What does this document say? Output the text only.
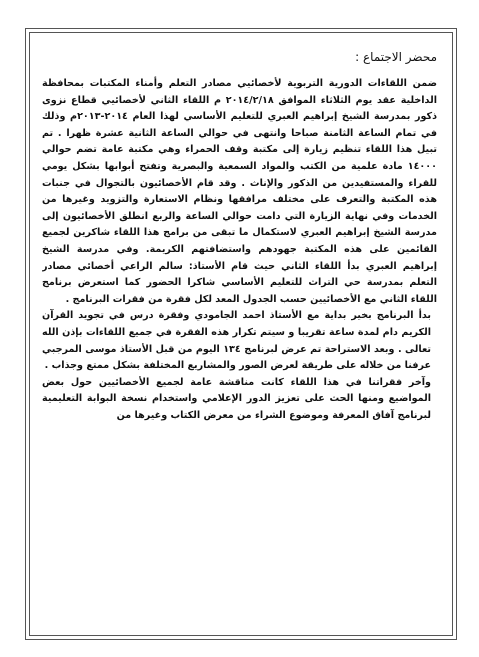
محضر الاجتماع :

ضمن اللقاءات الدورية التربوية لأخصائيي مصادر التعلم وأمناء المكتبات بمحافظة الداخلية عقد يوم الثلاثاء الموافق ٢٠١٤/٢/١٨ م اللقاء الثاني لأخصائيي قطاع نزوى ذكور بمدرسة الشيخ إبراهيم العبري للتعليم الأساسي لهذا العام ٢٠١٤-٢٠١٣م وذلك في تمام الساعة الثامنة صباحا وانتهى في حوالي الساعة الثانية عشرة ظهرا . تم تبيل هذا اللقاء تنظيم زيارة إلى مكتبة وقف الحمراء وهي مكتبة عامة تضم حوالي ١٤٠٠٠ مادة علمية من الكتب والمواد السمعية والبصرية وتفتح أبوابها بشكل يومي للقراء والمستفيدين من الذكور والإناث . وقد قام الأخصائيون بالتجوال في جنبات هذه المكتبة والتعرف على مختلف مرافقها ونظام الاستعارة والتزويد وغيرها من الخدمات وفي نهاية الزيارة التي دامت حوالي الساعة والربع انطلق الأخصائيون إلى مدرسة الشيخ إبراهيم العبري لاستكمال ما تبقى من برامج هذا اللقاء شاكرين لجميع القائمين على هذه المكتبة جهودهم واستضافتهم الكريمة. وفي مدرسة الشيخ إبراهيم العبري بدأ اللقاء الثاني حيث قام الأستاذ: سالم الراعي أخصائي مصادر التعلم بمدرسة حي التراث للتعليم الأساسي شاكرا الحضور كما استعرض برنامج اللقاء الثاني مع الأخصائيين حسب الجدول المعد لكل فقرة من فقرات البرنامج .

بدأ البرنامج بخير بداية مع الأستاذ احمد الجامودي وفقرة درس في تجويد القرآن الكريم دام لمدة ساعة تقريبا و سيتم تكرار هذه الفقرة في جميع اللقاءات بإذن الله تعالى . وبعد الاستراحة تم عرض لبرنامج ١٣٤ اليوم من قبل الأستاذ موسى المرجبي عرفنا من خلاله على طريقة لعرض الصور والمشاريع المختلفة بشكل ممتع وجذاب .

وآخر فقراتنا في هذا اللقاء كانت مناقشة عامة لجميع الأخصائيين حول بعض المواضيع ومنها الحث على تعزيز الدور الإعلامي واستخدام نسخة البوابة التعليمية لبرنامج آفاق المعرفة وموضوع الشراء من معرض الكتاب وغيرها من
